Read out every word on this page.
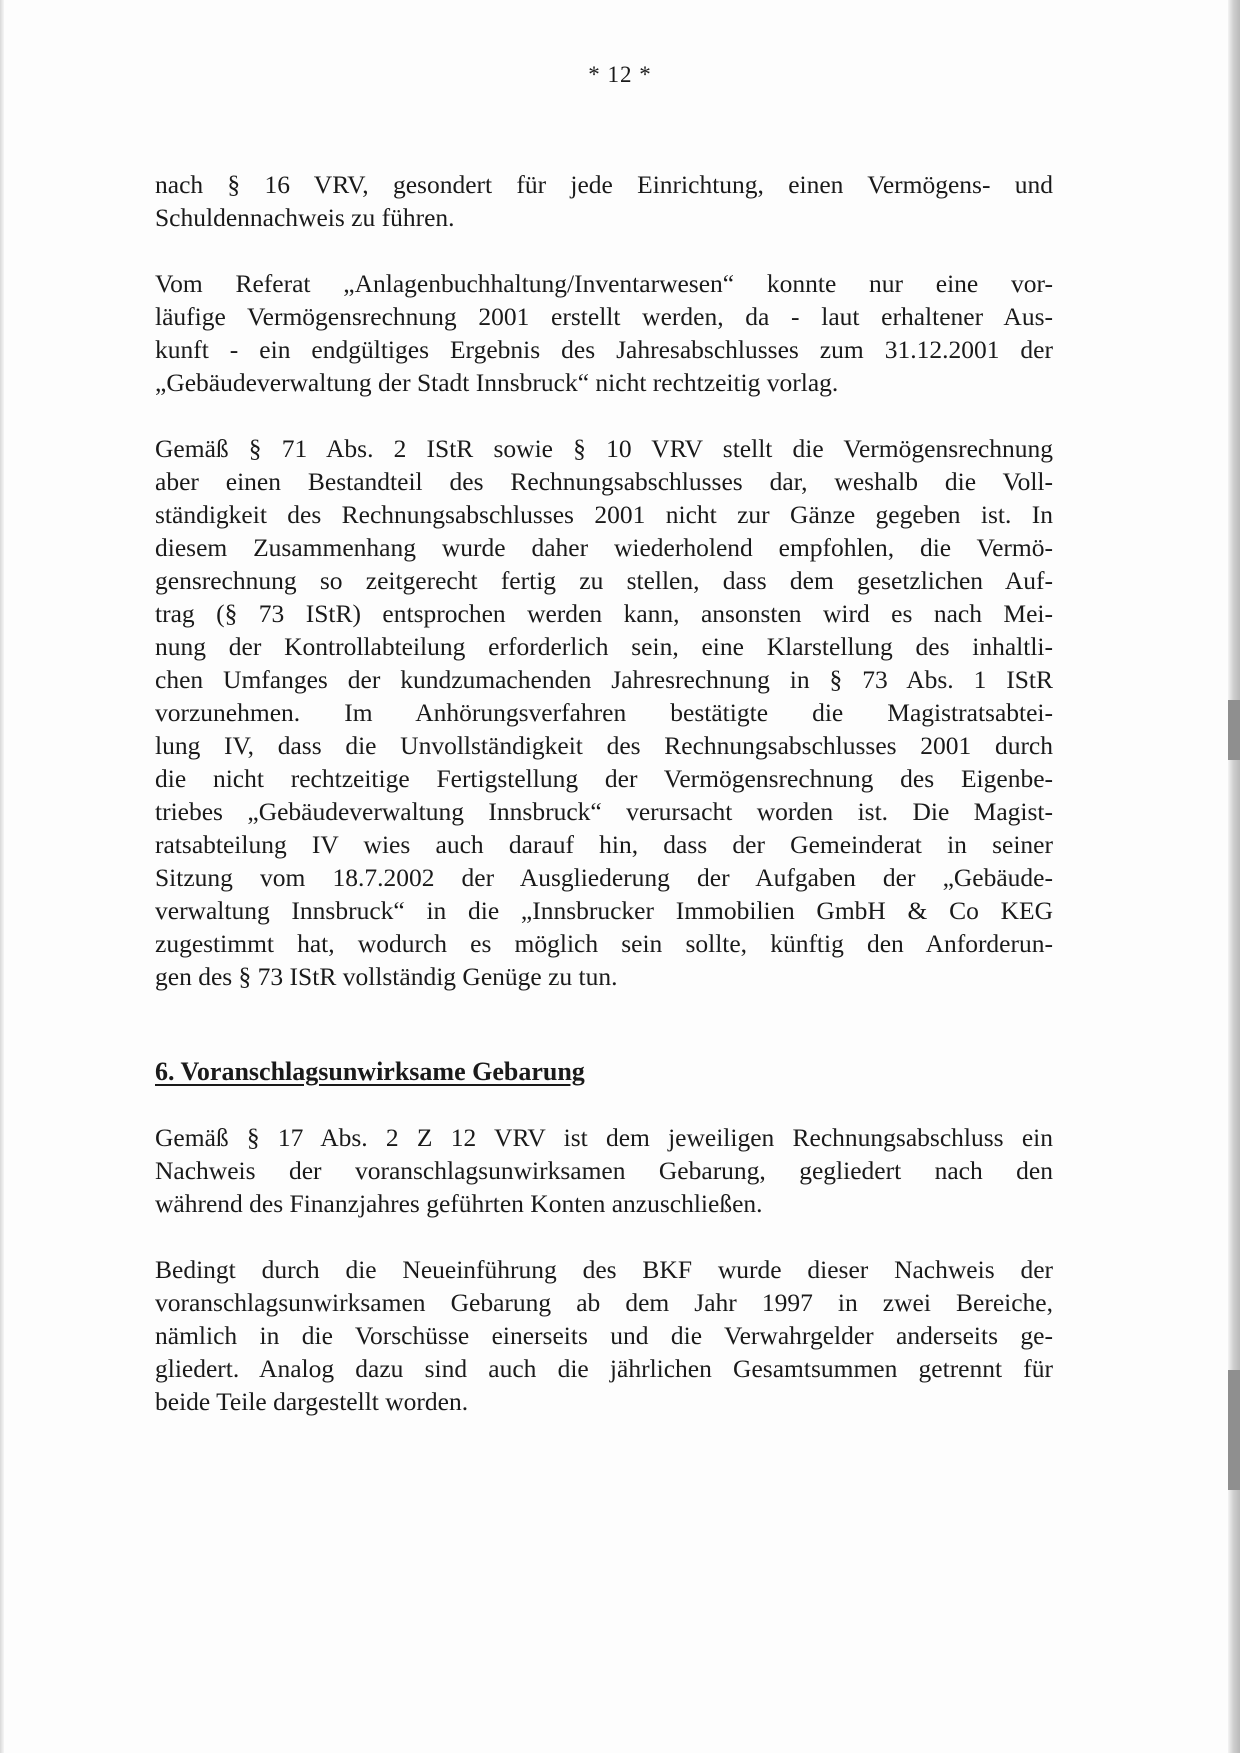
* 12 *

nach § 16 VRV, gesondert für jede Einrichtung, einen Vermögens- und
Schuldennachweis zu führen.

Vom Referat „Anlagenbuchhaltung/Inventarwesen“ konnte nur eine vor-
läufige Vermögensrechnung 2001 erstellt werden, da - laut erhaltener Aus-
kunft - ein endgültiges Ergebnis des Jahresabschlusses zum 31.12.2001 der
„Gebäudeverwaltung der Stadt Innsbruck“ nicht rechtzeitig vorlag.

Gemäß § 71 Abs. 2 IStR sowie § 10 VRV stellt die Vermögensrechnung
aber einen Bestandteil des Rechnungsabschlusses dar, weshalb die Voll-
ständigkeit des Rechnungsabschlusses 2001 nicht zur Gänze gegeben ist. In
diesem Zusammenhang wurde daher wiederholend empfohlen, die Vermö-
gensrechnung so zeitgerecht fertig zu stellen, dass dem gesetzlichen Auf-
trag (§ 73 IStR) entsprochen werden kann, ansonsten wird es nach Mei-
nung der Kontrollabteilung erforderlich sein, eine Klarstellung des inhaltli-
chen Umfanges der kundzumachenden Jahresrechnung in § 73 Abs. 1 IStR
vorzunehmen. Im Anhörungsverfahren bestätigte die Magistratsabtei-
lung IV, dass die Unvollständigkeit des Rechnungsabschlusses 2001 durch
die nicht rechtzeitige Fertigstellung der Vermögensrechnung des Eigenbe-
triebes „Gebäudeverwaltung Innsbruck“ verursacht worden ist. Die Magist-
ratsabteilung IV wies auch darauf hin, dass der Gemeinderat in seiner
Sitzung vom 18.7.2002 der Ausgliederung der Aufgaben der „Gebäude-
verwaltung Innsbruck“ in die „Innsbrucker Immobilien GmbH & Co KEG
zugestimmt hat, wodurch es möglich sein sollte, künftig den Anforderun-
gen des § 73 IStR vollständig Genüge zu tun.

6. Voranschlagsunwirksame Gebarung

Gemäß § 17 Abs. 2 Z 12 VRV ist dem jeweiligen Rechnungsabschluss ein
Nachweis der voranschlagsunwirksamen Gebarung, gegliedert nach den
während des Finanzjahres geführten Konten anzuschließen.

Bedingt durch die Neueinführung des BKF wurde dieser Nachweis der
voranschlagsunwirksamen Gebarung ab dem Jahr 1997 in zwei Bereiche,
nämlich in die Vorschüsse einerseits und die Verwahrgelder anderseits ge-
gliedert. Analog dazu sind auch die jährlichen Gesamtsummen getrennt für
beide Teile dargestellt worden.
